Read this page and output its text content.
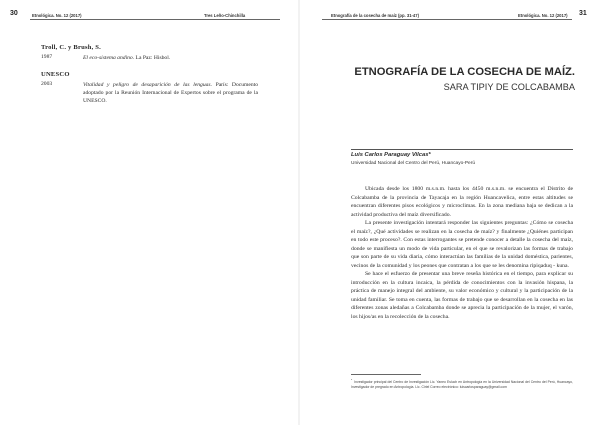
30	Etnológica. No. 12 (2017)	Tres Leño-Chinchilla
Troll, C. y Brush, S.
1987	El eco-sistema andino. La Paz: Hisbol.
UNESCO
2003	Vitalidad y peligro de desaparición de las lenguas. París: Documento adoptado por la Reunión Internacional de Expertos sobre el programa de la UNESCO.
Etnografía de la cosecha de maíz (pp. 31-47)	Etnológica. No. 12 (2017) 31
ETNOGRAFÍA DE LA COSECHA DE MAÍZ.
SARA TIPIY DE COLCABAMBA
Luis Carlos Paraguay Vilcas*
Universidad Nacional del Centro del Perú, Huancayo-Perú

Ubicada desde los 1800 m.s.n.m. hasta los 4450 m.s.n.m. se encuentra el Distrito de Colcabamba de la provincia de Tayacaja en la región Huancavelica, entre estas altitudes se encuentran diferentes pisos ecológicos y microclimas. En la zona mediana baja se dedican a la actividad productiva del maíz diversificado.

La presente investigación intentará responder las siguientes preguntas: ¿Cómo se cosecha el maíz?, ¿Qué actividades se realizan en la cosecha de maíz? y finalmente ¿Quiénes participan en todo este proceso?. Con estas interrogantes se pretende conocer a detalle la cosecha del maíz, donde se manifiesta un modo de vida particular, en el que se revalorizan las formas de trabajo que son parte de su vida diaria, cómo interactúan las familias de la unidad doméstica, parientes, vecinos de la comunidad y los peones que contratan a los que se les denomina ripiqaduq - kuna.

Se hace el esfuerzo de presentar una breve reseña histórica en el tiempo, para explicar su introducción en la cultura incaica, la pérdida de conocimientos con la invasión hispana, la práctica de manejo integral del ambiente, su valor económico y cultural y la participación de la unidad familiar. Se toma en cuenta, las formas de trabajo que se desarrollan en la cosecha en las diferentes zonas aledañas a Colcabamba donde se aprecia la participación de la mujer, el varón, los hijos/as en la recolección de la cosecha.

*Investigador principal del Centro de Investigación Lic. Yaneo Esluch en Antropología en la Universidad Nacional del Centro del Perú, Huancayo, Investigador de pregrado en Antropología. Lic. Ciriel Correo electrónico: luiscarlosparaguay@gmail.com
